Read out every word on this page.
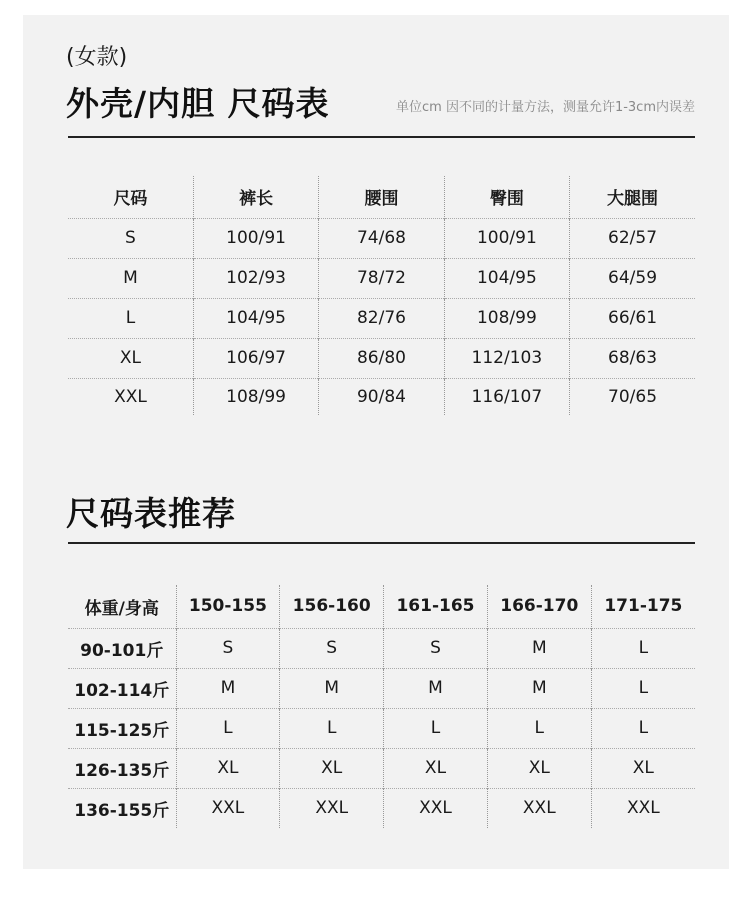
(女款)
外壳/内胆 尺码表	单位cm 因不同的计量方法，测量允许1-3cm内误差
尺码	裤长	腰围	臀围	大腿围
S	100/91	74/68	100/91	62/57
M	102/93	78/72	104/95	64/59
L	104/95	82/76	108/99	66/61
XL	106/97	86/80	112/103	68/63
XXL	108/99	90/84	116/107	70/65
尺码表推荐
体重/身高	150-155	156-160	161-165	166-170	171-175
90-101斤	S	S	S	M	L
102-114斤	M	M	M	M	L
115-125斤	L	L	L	L	L
126-135斤	XL	XL	XL	XL	XL
136-155斤	XXL	XXL	XXL	XXL	XXL
